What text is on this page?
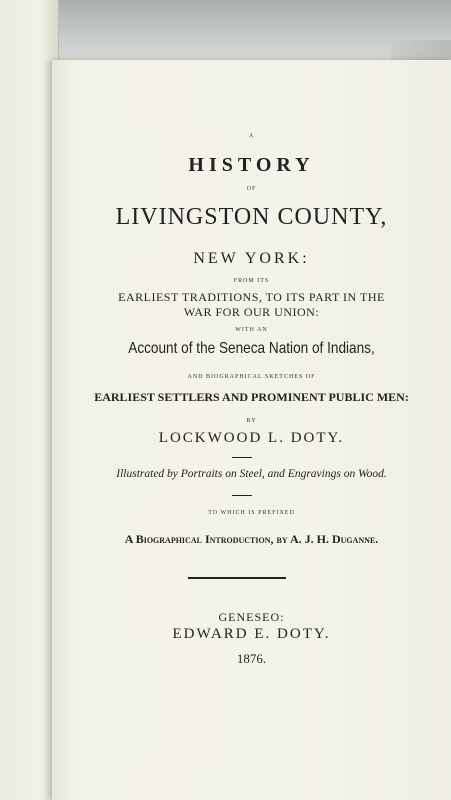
A
HISTORY
OF
LIVINGSTON COUNTY,
NEW YORK:
FROM ITS
EARLIEST TRADITIONS, TO ITS PART IN THE
WAR FOR OUR UNION:
WITH AN
Account of the Seneca Nation of Indians,
AND BIOGRAPHICAL SKETCHES OF
EARLIEST SETTLERS AND PROMINENT PUBLIC MEN:
BY
LOCKWOOD L. DOTY.
Illustrated by Portraits on Steel, and Engravings on Wood.
TO WHICH IS PREFIXED
A Biographical Introduction, by A. J. H. Duganne.
GENESEO:
EDWARD E. DOTY.
1876.
